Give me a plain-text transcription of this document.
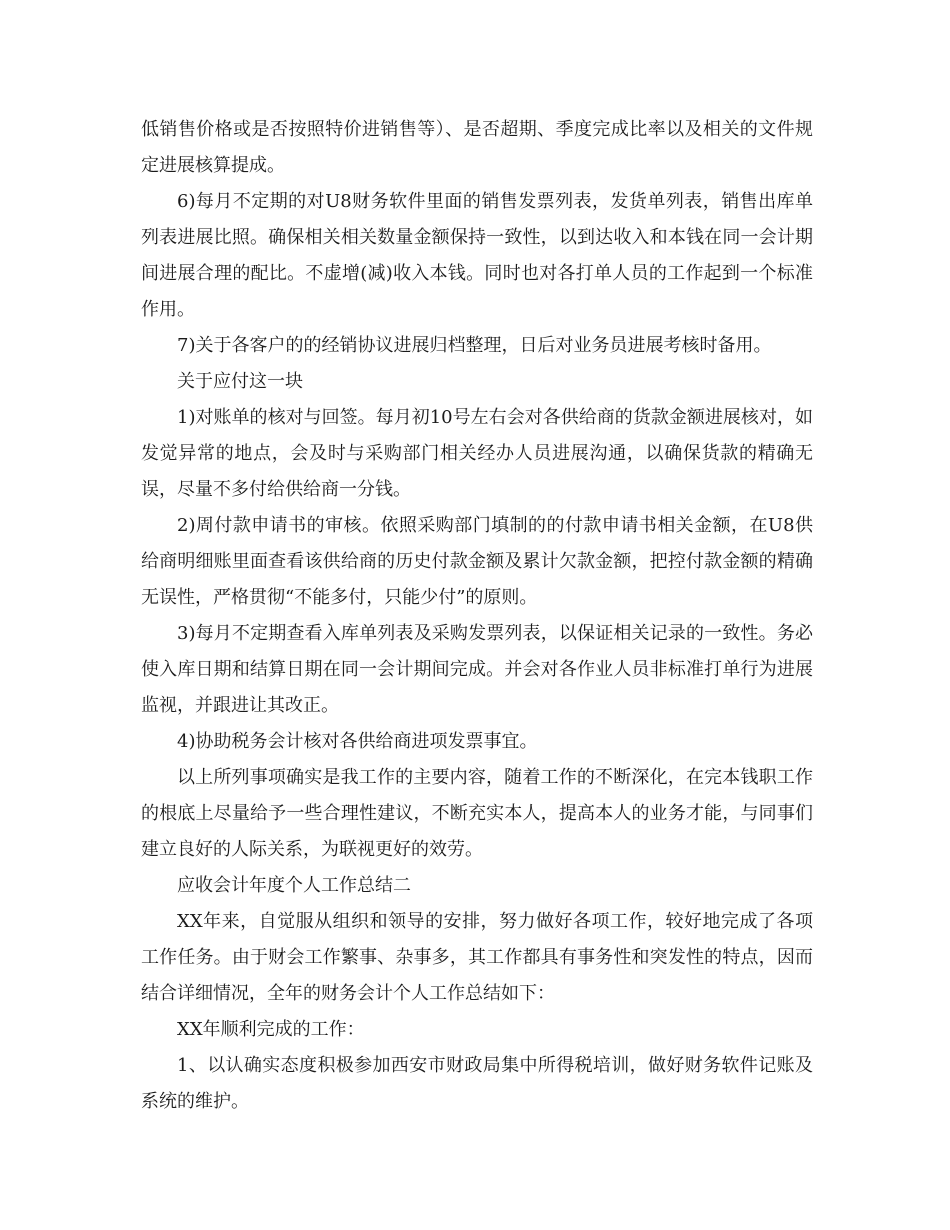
低销售价格或是否按照特价进销售等）、是否超期、季度完成比率以及相关的文件规定进展核算提成。

6)每月不定期的对U8财务软件里面的销售发票列表，发货单列表，销售出库单列表进展比照。确保相关相关数量金额保持一致性，以到达收入和本钱在同一会计期间进展合理的配比。不虚增(减)收入本钱。同时也对各打单人员的工作起到一个标准作用。

7)关于各客户的的经销协议进展归档整理，日后对业务员进展考核时备用。

关于应付这一块

1)对账单的核对与回签。每月初10号左右会对各供给商的货款金额进展核对，如发觉异常的地点，会及时与采购部门相关经办人员进展沟通，以确保货款的精确无误，尽量不多付给供给商一分钱。

2)周付款申请书的审核。依照采购部门填制的的付款申请书相关金额，在U8供给商明细账里面查看该供给商的历史付款金额及累计欠款金额，把控付款金额的精确无误性，严格贯彻“不能多付，只能少付”的原则。

3)每月不定期查看入库单列表及采购发票列表，以保证相关记录的一致性。务必使入库日期和结算日期在同一会计期间完成。并会对各作业人员非标准打单行为进展监视，并跟进让其改正。

4)协助税务会计核对各供给商进项发票事宜。

以上所列事项确实是我工作的主要内容，随着工作的不断深化，在完本钱职工作的根底上尽量给予一些合理性建议，不断充实本人，提高本人的业务才能，与同事们建立良好的人际关系，为联视更好的效劳。

应收会计年度个人工作总结二

XX年来，自觉服从组织和领导的安排，努力做好各项工作，较好地完成了各项工作任务。由于财会工作繁事、杂事多，其工作都具有事务性和突发性的特点，因而结合详细情况，全年的财务会计个人工作总结如下：

XX年顺利完成的工作：

1、以认确实态度积极参加西安市财政局集中所得税培训，做好财务软件记账及系统的维护。
